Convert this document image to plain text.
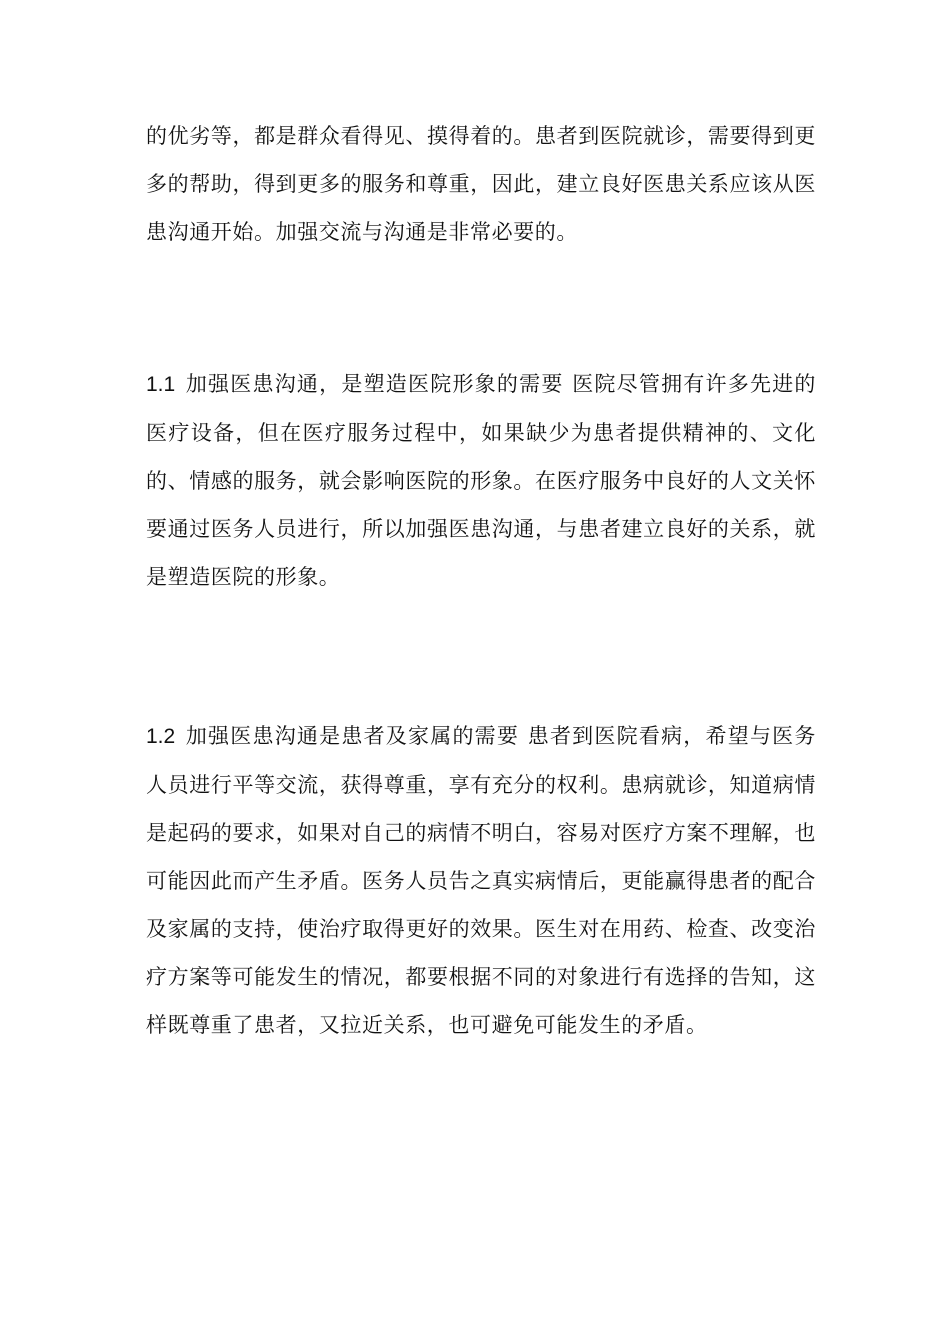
的优劣等，都是群众看得见、摸得着的。患者到医院就诊，需要得到更多的帮助，得到更多的服务和尊重，因此，建立良好医患关系应该从医患沟通开始。加强交流与沟通是非常必要的。

1.1 加强医患沟通，是塑造医院形象的需要 医院尽管拥有许多先进的医疗设备，但在医疗服务过程中，如果缺少为患者提供精神的、文化的、情感的服务，就会影响医院的形象。在医疗服务中良好的人文关怀要通过医务人员进行，所以加强医患沟通，与患者建立良好的关系，就是塑造医院的形象。

1.2 加强医患沟通是患者及家属的需要 患者到医院看病，希望与医务人员进行平等交流，获得尊重，享有充分的权利。患病就诊，知道病情是起码的要求，如果对自己的病情不明白，容易对医疗方案不理解，也可能因此而产生矛盾。医务人员告之真实病情后，更能赢得患者的配合及家属的支持，使治疗取得更好的效果。医生对在用药、检查、改变治疗方案等可能发生的情况，都要根据不同的对象进行有选择的告知，这样既尊重了患者，又拉近关系，也可避免可能发生的矛盾。
